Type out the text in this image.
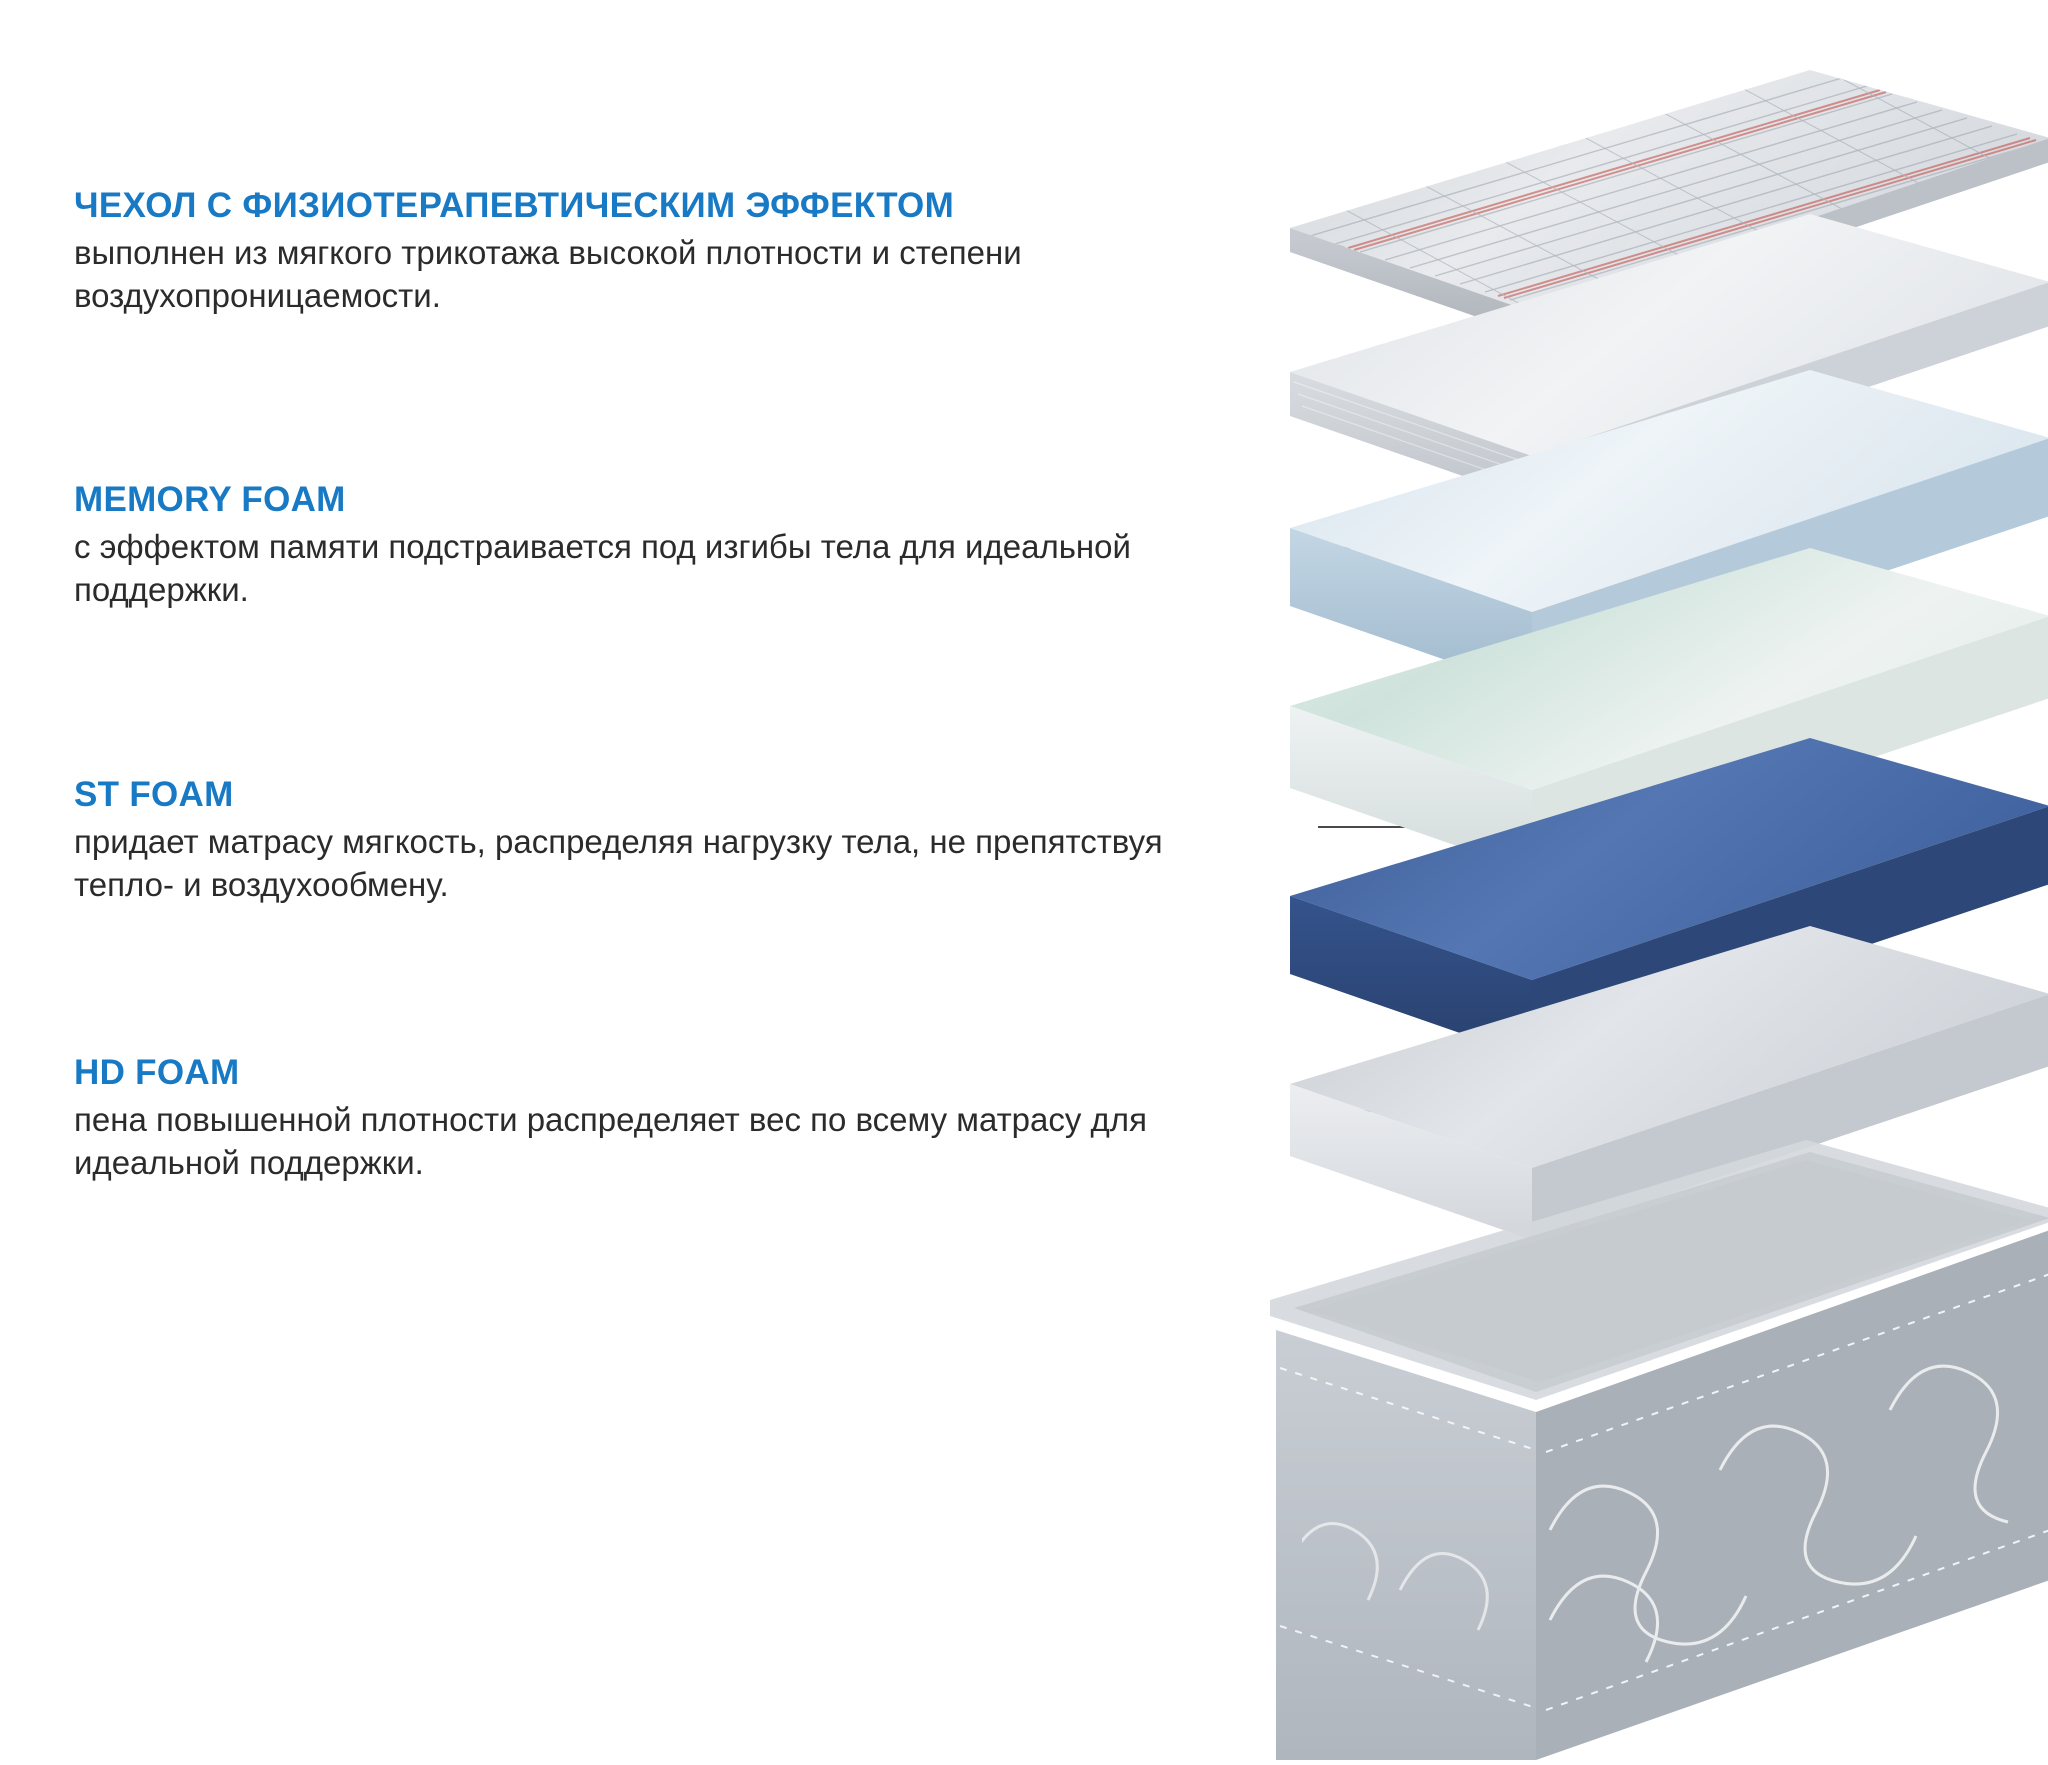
ЧЕХОЛ С ФИЗИОТЕРАПЕВТИЧЕСКИМ ЭФФЕКТОМ

выполнен из мягкого трикотажа высокой плотности и степени воздухопроницаемости.

MEMORY FOAM

с эффектом памяти подстраивается под изгибы тела для идеальной поддержки.

ST FOAM

придает матрасу мягкость, распределяя нагрузку тела, не препятствуя тепло- и воздухообмену.

HD FOAM

пена повышенной плотности распределяет вес по всему матрасу для идеальной поддержки.
